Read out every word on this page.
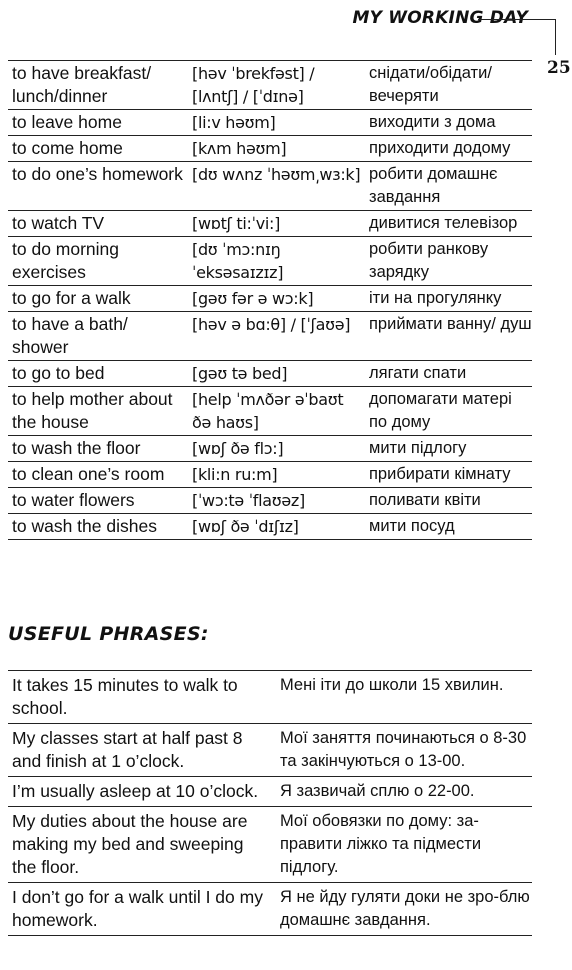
MY WORKING DAY
25
to have breakfast/ lunch/dinner	[həv ˈbrekfəst] / [lʌntʃ] / [ˈdɪnə]	снідати/обідати/ вечеряти
to leave home	[li:v həʊm]	виходити з дома
to come home	[kʌm həʊm]	приходити додому
to do one’s homework	[dʊ wʌnz ˈhəʊm͵wɜ:k]	робити домашнє завдання
to watch TV	[wɒtʃ ti:ˈvi:]	дивитися телевізор
to do morning exercises	[dʊ ˈmɔ:nɪŋ ˈeksəsaɪzɪz]	робити ранкову зарядку
to go for a walk	[gəʊ fər ə wɔ:k]	іти на прогулянку
to have a bath/ shower	[həv ə bɑ:θ] / [ˈʃaʊə]	приймати ванну/ душ
to go to bed	[gəʊ tə bed]	лягати спати
to help mother about the house	[help ˈmʌðər əˈbaʊt ðə haʊs]	допомагати матері по дому
to wash the floor	[wɒʃ ðə flɔ:]	мити підлогу
to clean one’s room	[kli:n ru:m]	прибирати кімнату
to water flowers	[ˈwɔ:tə ˈflaʊəz]	поливати квіти
to wash the dishes	[wɒʃ ðə ˈdɪʃɪz]	мити посуд
USEFUL PHRASES:
It takes 15 minutes to walk to school.	Мені іти до школи 15 хвилин.
My classes start at half past 8 and finish at 1 o’clock.	Мої заняття починаються о 8-30 та закінчуються о 13-00.
I’m usually asleep at 10 o’clock.	Я зазвичай сплю о 22-00.
My duties about the house are making my bed and sweeping the floor.	Мої обовязки по дому: за-правити ліжко та підмести підлогу.
I don’t go for a walk until I do my homework.	Я не йду гуляти доки не зро-блю домашнє завдання.
